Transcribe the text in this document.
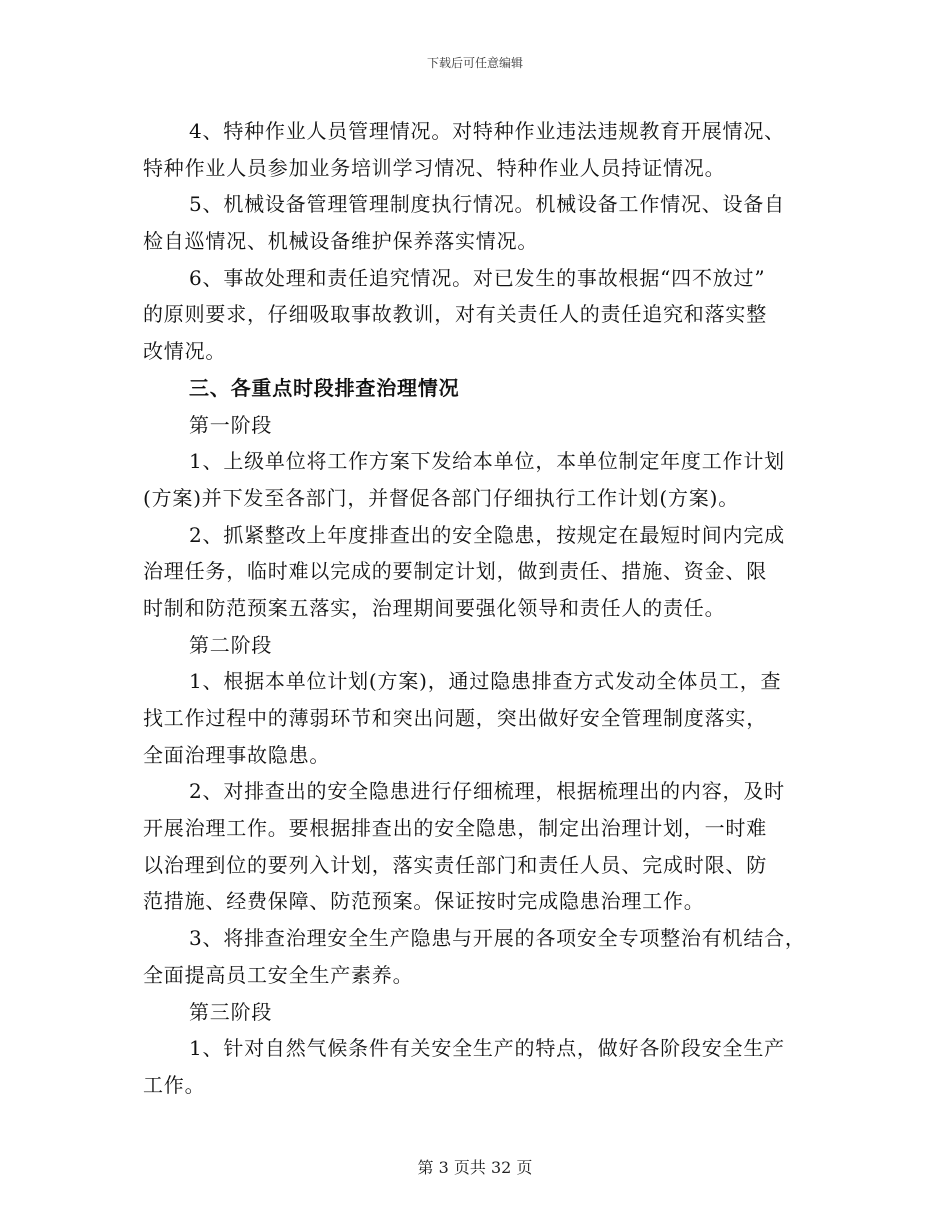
下载后可任意编辑
4、特种作业人员管理情况。对特种作业违法违规教育开展情况、
特种作业人员参加业务培训学习情况、特种作业人员持证情况。
5、机械设备管理管理制度执行情况。机械设备工作情况、设备自
检自巡情况、机械设备维护保养落实情况。
6、事故处理和责任追究情况。对已发生的事故根据“四不放过”
的原则要求，仔细吸取事故教训，对有关责任人的责任追究和落实整
改情况。
三、各重点时段排查治理情况
第一阶段
1、上级单位将工作方案下发给本单位，本单位制定年度工作计划
(方案)并下发至各部门，并督促各部门仔细执行工作计划(方案)。
2、抓紧整改上年度排查出的安全隐患，按规定在最短时间内完成
治理任务，临时难以完成的要制定计划，做到责任、措施、资金、限
时制和防范预案五落实，治理期间要强化领导和责任人的责任。
第二阶段
1、根据本单位计划(方案)，通过隐患排查方式发动全体员工，查
找工作过程中的薄弱环节和突出问题，突出做好安全管理制度落实，
全面治理事故隐患。
2、对排查出的安全隐患进行仔细梳理，根据梳理出的内容，及时
开展治理工作。要根据排查出的安全隐患，制定出治理计划，一时难
以治理到位的要列入计划，落实责任部门和责任人员、完成时限、防
范措施、经费保障、防范预案。保证按时完成隐患治理工作。
3、将排查治理安全生产隐患与开展的各项安全专项整治有机结合，
全面提高员工安全生产素养。
第三阶段
1、针对自然气候条件有关安全生产的特点，做好各阶段安全生产
工作。
第 3 页共 32 页
